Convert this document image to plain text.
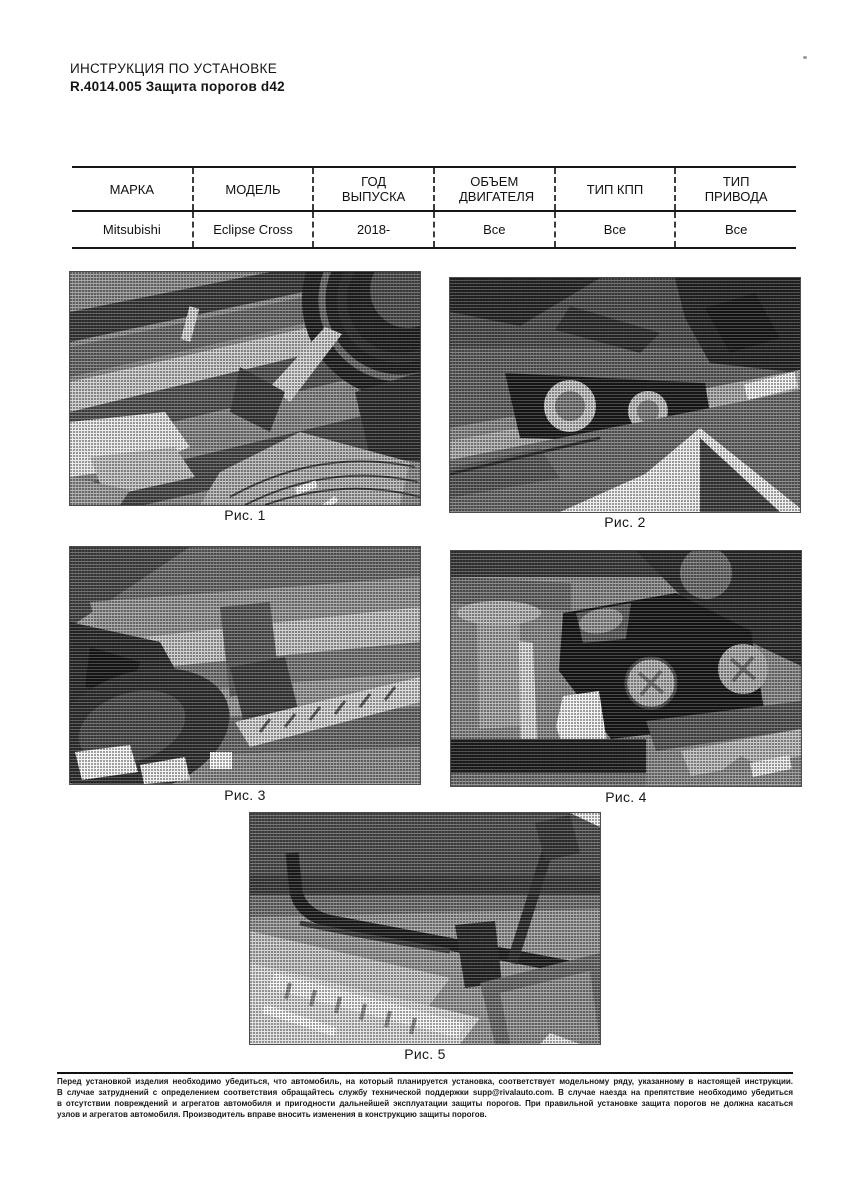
ИНСТРУКЦИЯ ПО УСТАНОВКЕ
R.4014.005 Защита порогов d42
МАРКА	МОДЕЛЬ	ГОД ВЫПУСКА	ОБЪЕМ ДВИГАТЕЛЯ	ТИП КПП	ТИП ПРИВОДА
Mitsubishi	Eclipse Cross	2018-	Все	Все	Все
Рис. 1	Рис. 2
Рис. 3	Рис. 4
Рис. 5
Перед установкой изделия необходимо убедиться, что автомобиль, на который планируется установка, соответствует модельному ряду, указанному в настоящей инструкции.
В случае затруднений с определением соответствия обращайтесь службу технической поддержки supp@rivalauto.com. В случае наезда на препятствие необходимо убедиться
в отсутствии повреждений и агрегатов автомобиля и пригодности дальнейшей эксплуатации защиты порогов. При правильной установке защита порогов не должна касаться
узлов и агрегатов автомобиля. Производитель вправе вносить изменения в конструкцию защиты порогов.
